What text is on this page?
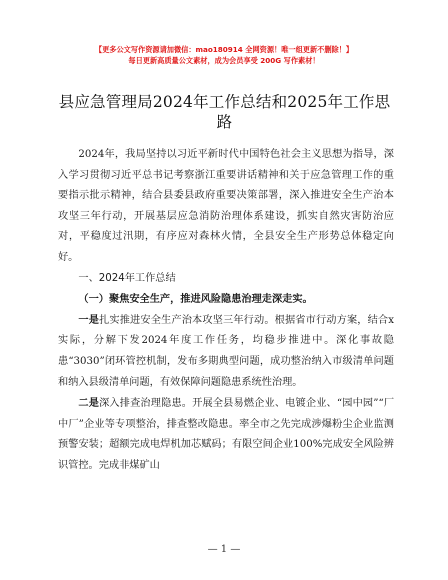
【更多公文写作资源请加微信：mao180914 全网资源！唯一组更新不删除！】
每日更新高质量公文素材，成为会员享受 200G 写作素材！
县应急管理局2024年工作总结和2025年工作思路

2024年，我局坚持以习近平新时代中国特色社会主义思想为指导，深入学习贯彻习近平总书记考察浙江重要讲话精神和关于应急管理工作的重要指示批示精神，结合县委县政府重要决策部署，深入推进安全生产治本攻坚三年行动，开展基层应急消防治理体系建设，抓实自然灾害防治应对，平稳度过汛期，有序应对森林火情，全县安全生产形势总体稳定向好。

一、2024年工作总结
（一）聚焦安全生产，推进风险隐患治理走深走实。

一是扎实推进安全生产治本攻坚三年行动。根据省市行动方案，结合x实际，分解下发2024年度工作任务，均稳步推进中。深化事故隐患“3030”闭环管控机制，发布多期典型问题，成功整治纳入市级清单问题和纳入县级清单问题，有效保障问题隐患系统性治理。

二是深入排查治理隐患。开展全县易燃企业、电镀企业、“园中园”“厂中厂”企业等专项整治，排查整改隐患。率全市之先完成涉爆粉尘企业监测预警安装；超额完成电焊机加芯赋码；有限空间企业100%完成安全风险辨识管控。完成非煤矿山

— 1 —
